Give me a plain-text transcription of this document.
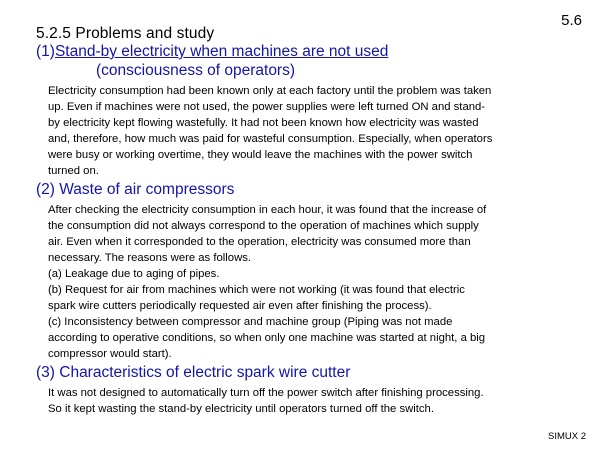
5.6
5.2.5 Problems and study
(1)Stand-by electricity when machines are not used
(consciousness of operators)
Electricity consumption had been known only at each factory until the problem was taken
up. Even if machines were not used, the power supplies were left turned ON and stand-
by electricity kept flowing wastefully. It had not been known how electricity was wasted
and, therefore, how much was paid for wasteful consumption. Especially, when operators
were busy or working overtime, they would leave the machines with the power switch
turned on.
(2) Waste of air compressors
After checking the electricity consumption in each hour, it was found that the increase of
the consumption did not always correspond to the operation of machines which supply
air. Even when it corresponded to the operation, electricity was consumed more than
necessary. The reasons were as follows.
(a) Leakage due to aging of pipes.
(b) Request for air from machines which were not working (it was found that electric
spark wire cutters periodically requested air even after finishing the process).
(c) Inconsistency between compressor and machine group (Piping was not made
according to operative conditions, so when only one machine was started at night, a big
compressor would start).
(3) Characteristics of electric spark wire cutter
It was not designed to automatically turn off the power switch after finishing processing.
So it kept wasting the stand-by electricity until operators turned off the switch.
SIMUX 2
